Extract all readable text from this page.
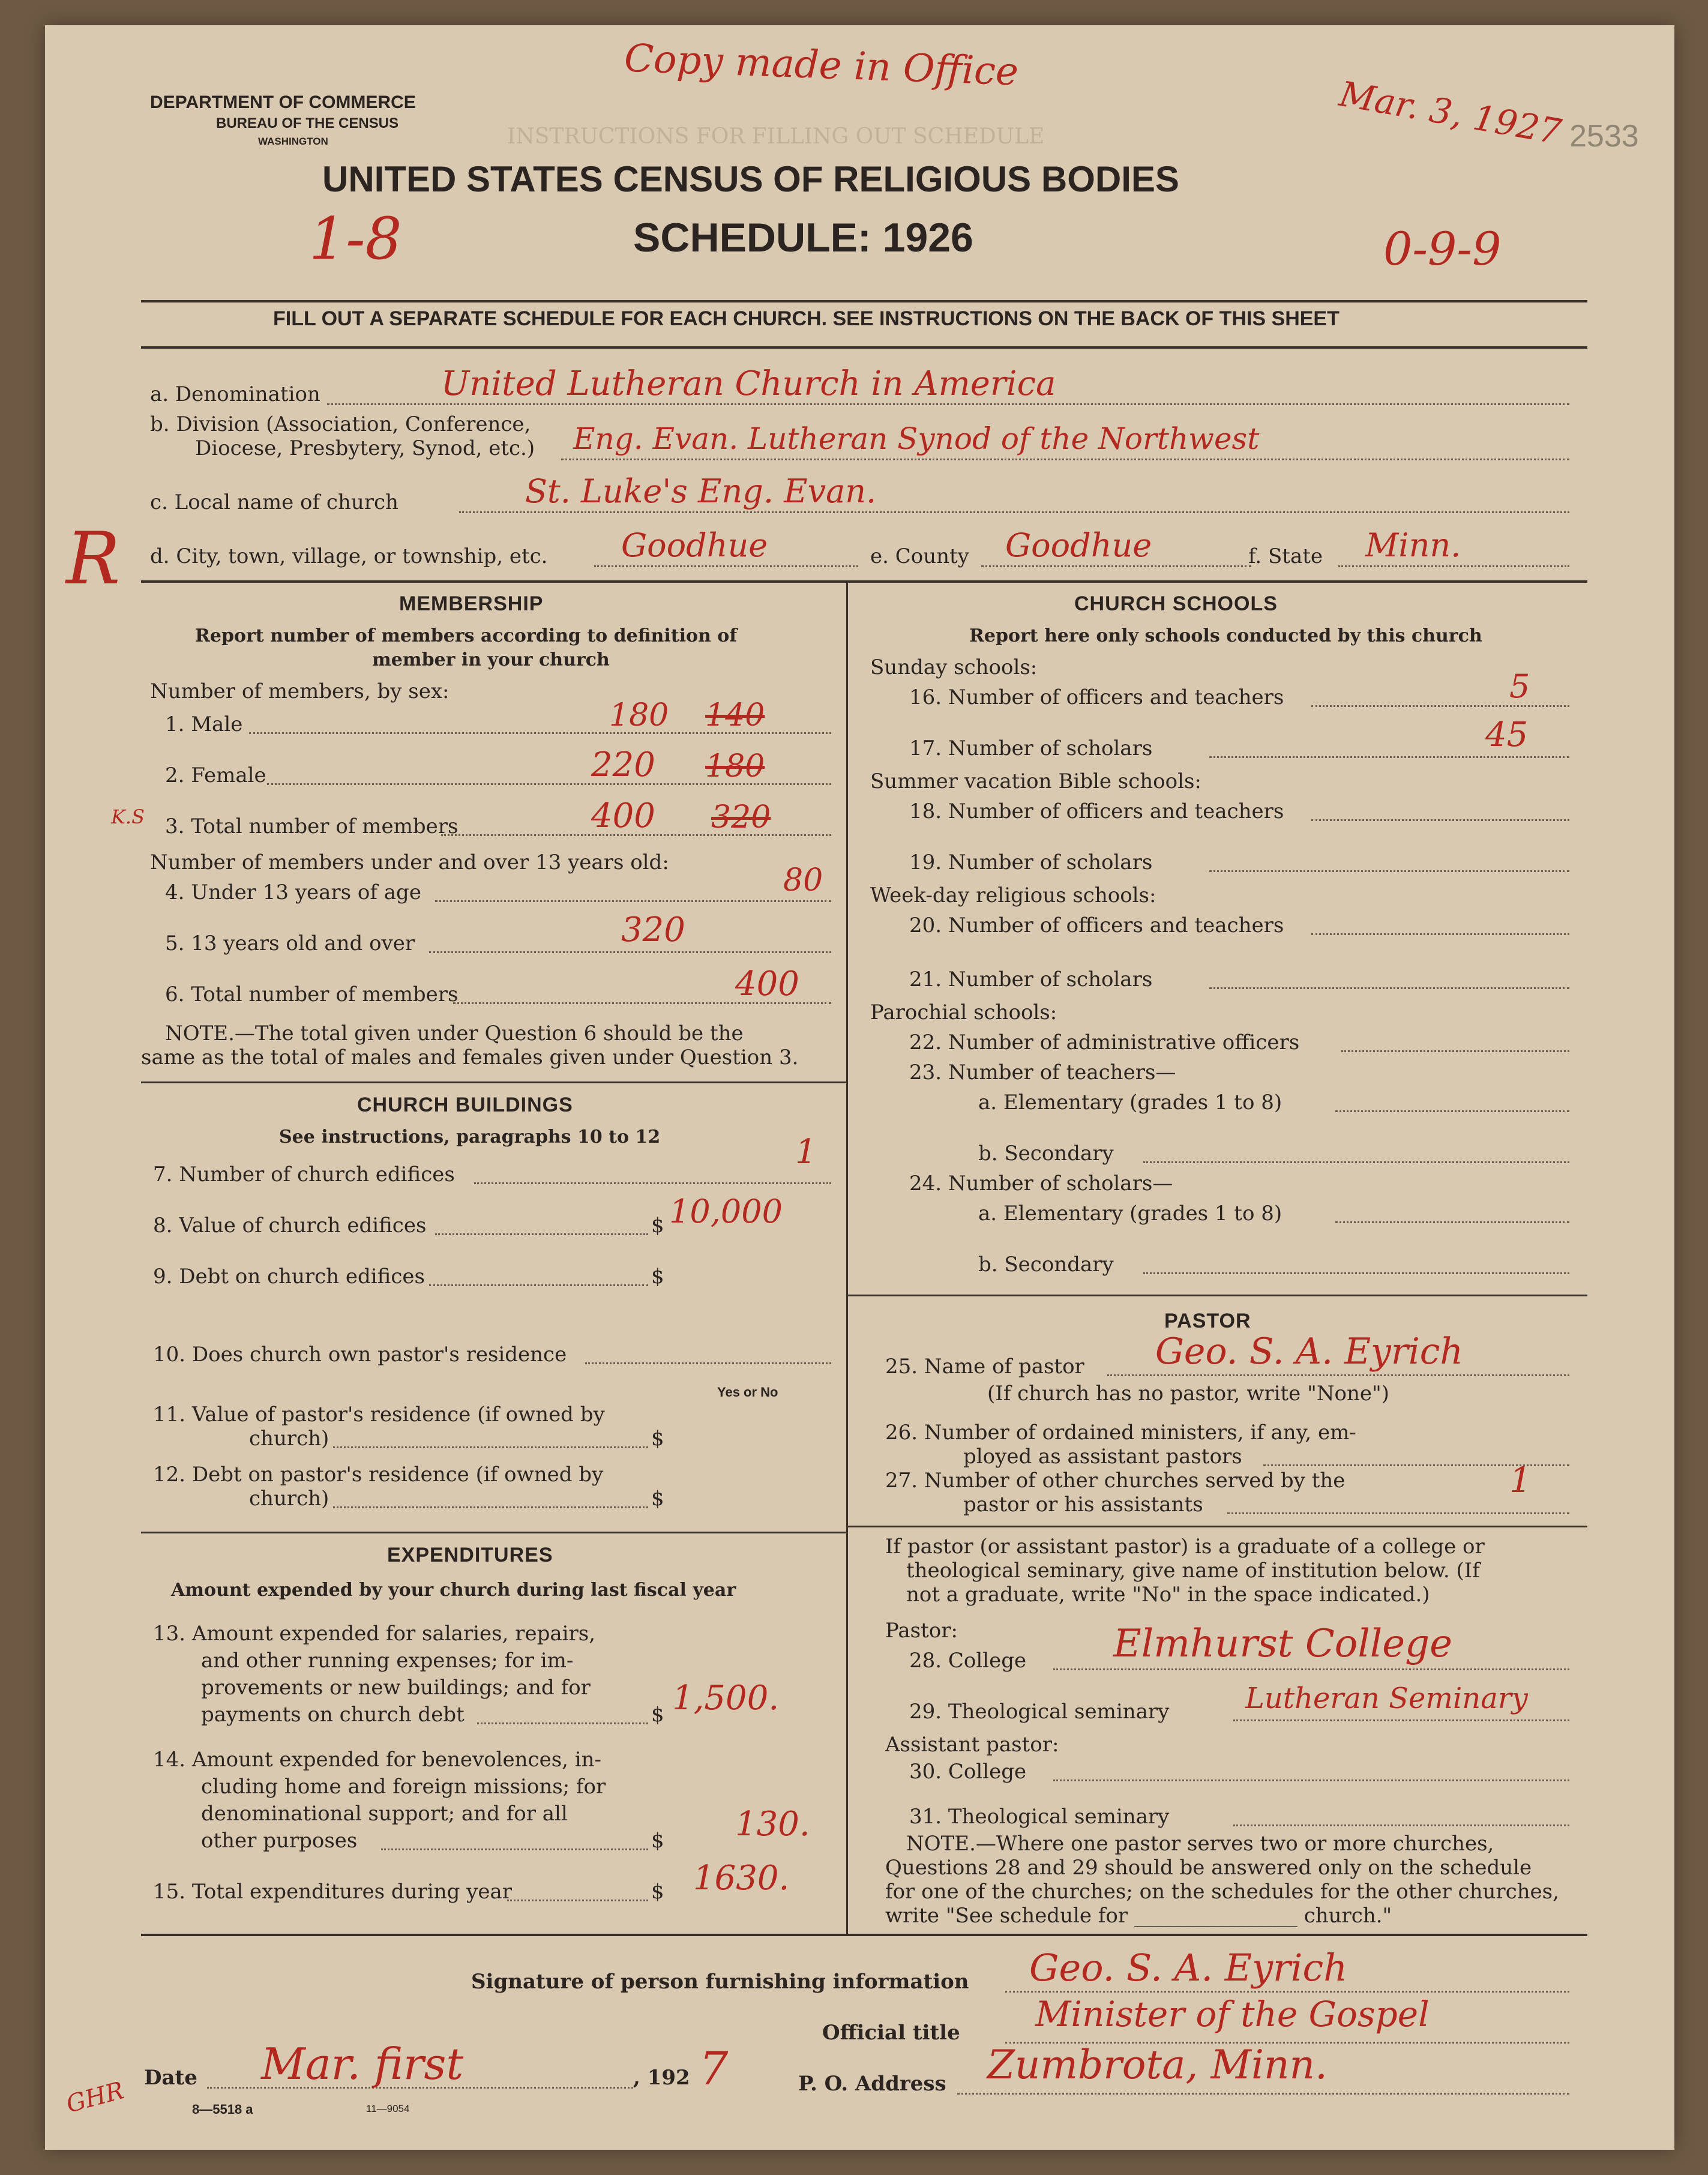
INSTRUCTIONS FOR FILLING OUT SCHEDULE
DEPARTMENT OF COMMERCE
BUREAU OF THE CENSUS
WASHINGTON
UNITED STATES CENSUS OF RELIGIOUS BODIES
SCHEDULE: 1926
2533
Copy made in Office
Mar. 3, 1927
1-8	0-9-9
R
GHR
FILL OUT A SEPARATE SCHEDULE FOR EACH CHURCH. SEE INSTRUCTIONS ON THE BACK OF THIS SHEET
a. Denomination	United Lutheran Church in America
b. Division (Association, Conference,
Diocese, Presbytery, Synod, etc.) Eng. Evan. Lutheran Synod of the Northwest
c. Local name of church	St. Luke's Eng. Evan.
d. City, town, village, or township, etc. Goodhue	e. County Goodhue	f. State Minn.
MEMBERSHIP
Report number of members according to definition of
member in your church
Number of members, by sex:
1. Male	180 140
2. Female	220 180
K.S 3. Total number of members	400 320
Number of members under and over 13 years old:
4. Under 13 years of age	80
5. 13 years old and over	320
6. Total number of members	400
NOTE.—The total given under Question 6 should be the
same as the total of males and females given under Question 3.
CHURCH BUILDINGS
See instructions, paragraphs 10 to 12
7. Number of church edifices
1
8. Value of church edifices	$ 10,000
9. Debt on church edifices	$
10. Does church own pastor's residence
Yes or No
11. Value of pastor's residence (if owned by
church)	$
12. Debt on pastor's residence (if owned by
church)	$
EXPENDITURES
Amount expended by your church during last fiscal year
13. Amount expended for salaries, repairs,
and other running expenses; for im-
provements or new buildings; and for
payments on church debt	$ 1,500.
14. Amount expended for benevolences, in-
cluding home and foreign missions; for
denominational support; and for all
other purposes	$ 130.
15. Total expenditures during year	$ 1630.
CHURCH SCHOOLS
Report here only schools conducted by this church
Sunday schools:
16. Number of officers and teachers	5
17. Number of scholars	45
Summer vacation Bible schools:
18. Number of officers and teachers
19. Number of scholars
Week-day religious schools:
20. Number of officers and teachers
21. Number of scholars
Parochial schools:
22. Number of administrative officers
23. Number of teachers—
a. Elementary (grades 1 to 8)
b. Secondary
24. Number of scholars—
a. Elementary (grades 1 to 8)
b. Secondary
PASTOR
25. Name of pastor Geo. S. A. Eyrich
(If church has no pastor, write "None")
26. Number of ordained ministers, if any, em-
ployed as assistant pastors
27. Number of other churches served by the
pastor or his assistants
1
If pastor (or assistant pastor) is a graduate of a college or
theological seminary, give name of institution below. (If
not a graduate, write "No" in the space indicated.)
Pastor:
28. College Elmhurst College
29. Theological seminary	Lutheran Seminary
Assistant pastor:
30. College
31. Theological seminary
NOTE.—Where one pastor serves two or more churches,
Questions 28 and 29 should be answered only on the schedule
for one of the churches; on the schedules for the other churches,
write "See schedule for ________________ church."
Signature of person furnishing information Geo. S. A. Eyrich
Official title Minister of the Gospel
Date Mar. first	, 192 7	P. O. Address Zumbrota, Minn.
8—5518 a	11—9054
